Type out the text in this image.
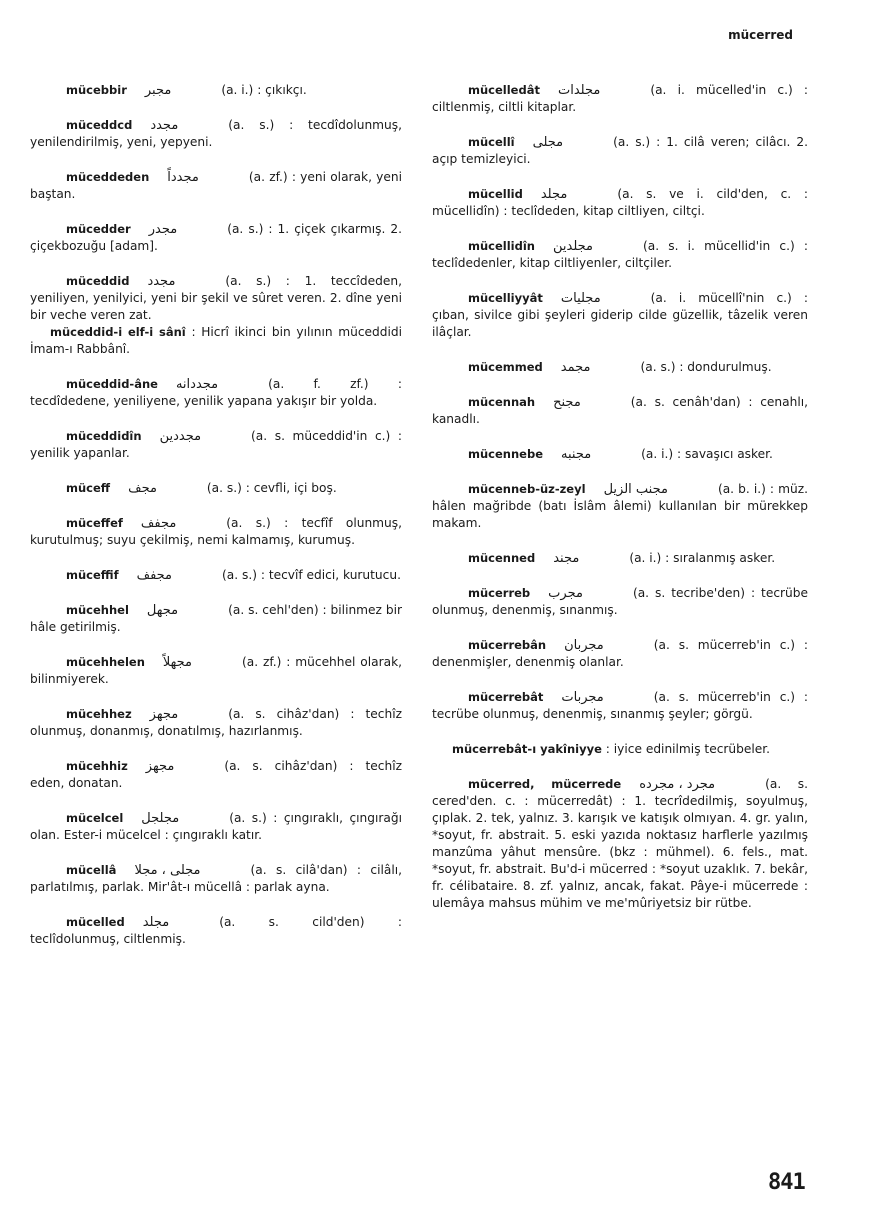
mücerred

mücebbir مجبر	(a. i.) : çıkıkçı.

müceddcd مجدد	(a. s.) : tecdîdolunmuş, yenilendirilmiş, yeni, yepyeni.

müceddeden مجدداً	(a. zf.) : yeni olarak, yeni baştan.

mücedder مجدر	(a. s.) : 1. çiçek çıkarmış. 2. çiçekbozuğu [adam].

müceddid مجدد	(a. s.) : 1. teccîdeden, yeniliyen, yenilyici, yeni bir şekil ve sûret veren. 2. dîne yeni bir veche veren zat.

müceddid-i elf-i sânî : Hicrî ikinci bin yılının müceddidi İmam-ı Rabbânî.

müceddid-âne مجددانه	(a. f. zf.) : tecdîdedene, yeniliyene, yenilik yapana yakışır bir yolda.

müceddidîn مجددين	(a. s. müceddid'in c.) : yenilik yapanlar.

müceff مجف	(a. s.) : cevfli, içi boş.

müceffef مجفف	(a. s.) : tecfîf olunmuş, kurutulmuş; suyu çekilmiş, nemi kalmamış, kurumuş.

müceffif مجفف	(a. s.) : tecvîf edici, kurutucu.

mücehhel مجهل	(a. s. cehl'den) : bilinmez bir hâle getirilmiş.

mücehhelen مجهلاً	(a. zf.) : mücehhel olarak, bilinmiyerek.

mücehhez مجهز	(a. s. cihâz'dan) : techîz olunmuş, donanmış, donatılmış, hazırlanmış.

mücehhiz مجهز	(a. s. cihâz'dan) : techîz eden, donatan.

mücelcel مجلجل	(a. s.) : çıngıraklı, çıngırağı olan. Ester-i mücelcel : çıngıraklı katır.

mücellâ مجلى ، مجلا	(a. s. cilâ'dan) : cilâlı, parlatılmış, parlak. Mir'ât-ı mücellâ : parlak ayna.

mücelled مجلد	(a. s. cild'den) : teclîdolunmuş, ciltlenmiş.

mücelledât مجلدات	(a. i. mücelled'in c.) : ciltlenmiş, ciltli kitaplar.

mücellî مجلى	(a. s.) : 1. cilâ veren; cilâcı. 2. açıp temizleyici.

mücellid مجلد	(a. s. ve i. cild'den, c. : mücellidîn) : teclîdeden, kitap ciltliyen, ciltçi.

mücellidîn مجلدين	(a. s. i. mücellid'in c.) : teclîdedenler, kitap ciltliyenler, ciltçiler.

mücelliyyât مجليات	(a. i. mücellî'nin c.) : çıban, sivilce gibi şeyleri giderip cilde güzellik, tâzelik veren ilâçlar.

mücemmed مجمد	(a. s.) : dondurulmuş.

mücennah مجنح	(a. s. cenâh'dan) : cenahlı, kanadlı.

mücennebe مجنبه	(a. i.) : savaşıcı asker.

mücenneb-üz-zeyl مجنب الزيل	(a. b. i.) : müz. hâlen mağribde (batı İslâm âlemi) kullanılan bir mürekkep makam.

mücenned مجند	(a. i.) : sıralanmış asker.

mücerreb مجرب	(a. s. tecribe'den) : tecrübe olunmuş, denenmiş, sınanmış.

mücerrebân مجربان	(a. s. mücerreb'in c.) : denenmişler, denenmiş olanlar.

mücerrebât مجربات	(a. s. mücerreb'in c.) : tecrübe olunmuş, denenmiş, sınanmış şeyler; görgü.

mücerrebât-ı yakîniyye : iyice edinilmiş tecrübeler.

mücerred, mücerrede مجرد ، مجرده	(a. s. cered'den. c. : mücerredât) : 1. tecrîdedilmiş, soyulmuş, çıplak. 2. tek, yalnız. 3. karışık ve katışık olmıyan. 4. gr. yalın, *soyut, fr. abstrait. 5. eski yazıda noktasız harflerle yazılmış manzûma yâhut mensûre. (bkz : mühmel). 6. fels., mat. *soyut, fr. abstrait. Bu'd-i mücerred : *soyut uzaklık. 7. bekâr, fr. célibataire. 8. zf. yalnız, ancak, fakat. Pâye-i mücerrede : ulemâya mahsus mühim ve me'mûriyetsiz bir rütbe.

841
